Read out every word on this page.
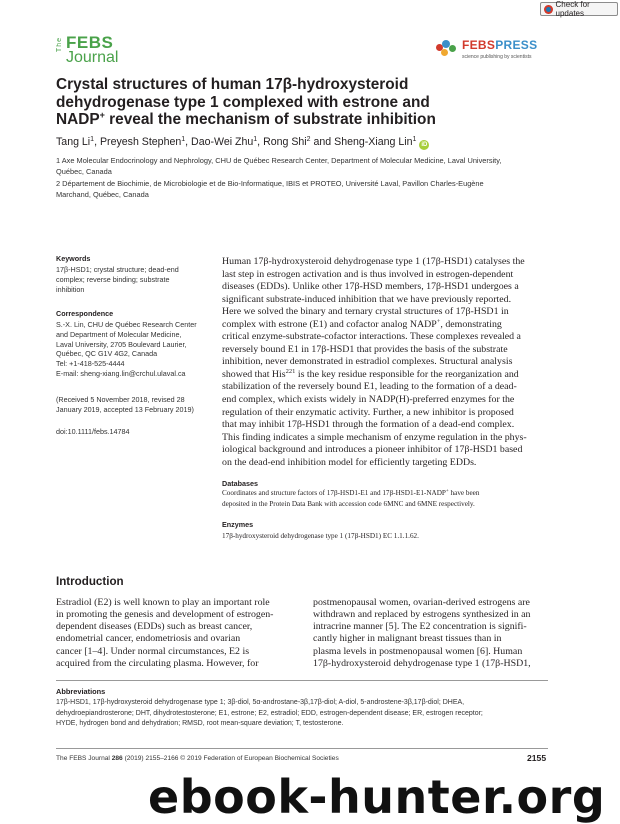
Check for updates
The FEBS
Journal
FEBSPRESS
science publishing by scientists
Crystal structures of human 17β-hydroxysteroid
dehydrogenase type 1 complexed with estrone and
NADP+ reveal the mechanism of substrate inhibition
Tang Li$^1$, Preyesh Stephen$^1$, Dao-Wei Zhu$^1$, Rong Shi$^2$ and Sheng-Xiang Lin$^1$iD
1 Axe Molecular Endocrinology and Nephrology, CHU de Québec Research Center, Department of Molecular Medicine, Laval University,
Québec, Canada
2 Département de Biochimie, de Microbiologie et de Bio-Informatique, IBIS et PROTEO, Université Laval, Pavillon Charles-Eugène
Marchand, Québec, Canada
Keywords
17β-HSD1; crystal structure; dead-end
complex; reverse binding; substrate
inhibition
Correspondence
S.-X. Lin, CHU de Québec Research Center
and Department of Molecular Medicine,
Laval University, 2705 Boulevard Laurier,
Québec, QC G1V 4G2, Canada
Tel: +1-418-525-4444
E-mail: sheng-xiang.lin@crchul.ulaval.ca
(Received 5 November 2018, revised 28
January 2019, accepted 13 February 2019)
doi:10.1111/febs.14784
Human 17β-hydroxysteroid dehydrogenase type 1 (17β-HSD1) catalyses the
last step in estrogen activation and is thus involved in estrogen-dependent
diseases (EDDs). Unlike other 17β-HSD members, 17β-HSD1 undergoes a
significant substrate-induced inhibition that we have previously reported.
Here we solved the binary and ternary crystal structures of 17β-HSD1 in
complex with estrone (E1) and cofactor analog NADP+, demonstrating
critical enzyme-substrate-cofactor interactions. These complexes revealed a
reversely bound E1 in 17β-HSD1 that provides the basis of the substrate
inhibition, never demonstrated in estradiol complexes. Structural analysis
showed that His$^{221}$ is the key residue responsible for the reorganization and
stabilization of the reversely bound E1, leading to the formation of a dead-
end complex, which exists widely in NADP(H)-preferred enzymes for the
regulation of their enzymatic activity. Further, a new inhibitor is proposed
that may inhibit 17β-HSD1 through the formation of a dead-end complex.
This finding indicates a simple mechanism of enzyme regulation in the phys-
iological background and introduces a pioneer inhibitor of 17β-HSD1 based
on the dead-end inhibition model for efficiently targeting EDDs.
Databases
Coordinates and structure factors of 17β-HSD1-E1 and 17β-HSD1-E1-NADP+ have been
deposited in the Protein Data Bank with accession code 6MNC and 6MNE respectively.
Enzymes
17β-hydroxysteroid dehydrogenase type 1 (17β-HSD1) EC 1.1.1.62.
Introduction
Estradiol (E2) is well known to play an important role
in promoting the genesis and development of estrogen-
dependent diseases (EDDs) such as breast cancer,
endometrial cancer, endometriosis and ovarian
cancer [1–4]. Under normal circumstances, E2 is
acquired from the circulating plasma. However, for
postmenopausal women, ovarian-derived estrogens are
withdrawn and replaced by estrogens synthesized in an
intracrine manner [5]. The E2 concentration is signifi-
cantly higher in malignant breast tissues than in
plasma levels in postmenopausal women [6]. Human
17β-hydroxysteroid dehydrogenase type 1 (17β-HSD1,
Abbreviations
17β-HSD1, 17β-hydroxysteroid dehydrogenase type 1; 3β-diol, 5α-androstane-3β,17β-diol; A-diol, 5-androstene-3β,17β-diol; DHEA,
dehydroepiandrosterone; DHT, dihydrotestosterone; E1, estrone; E2, estradiol; EDD, estrogen-dependent disease; ER, estrogen receptor;
HYDE, hydrogen bond and dehydration; RMSD, root mean-square deviation; T, testosterone.
The FEBS Journal 286 (2019) 2155–2166 © 2019 Federation of European Biochemical Societies	2155
ebook-hunter.org
